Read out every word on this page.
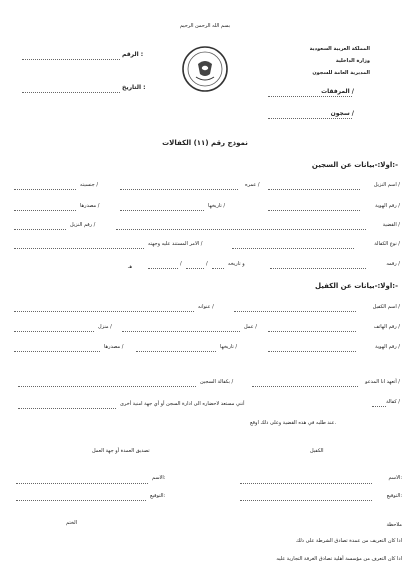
بسم الله الرحمن الرحيم
المملكة العربية السعودية
وزارة الداخلية
المديرية العامة للسجون
الرقم :
التاريخ :
المرفقات /
سجون /
نموذج رقم (١١) الكفالات
اولا:-بيانات عن السجين:-
اسم النزيل /
عمره /
جنسيته /
رقم الهوية /
تاريخها /
مصدرها /
القضية /
رقم النزيل /
نوع الكفالة /
الامر المستند عليه وجهته /
رقمه /
و تاريخه
/
/
هـ
اولا:-بيانات عن الكفيل:-
اسم الكفيل /
عنوانه /
رقم الهاتف /
عمل /
منزل /
رقم الهوية /
تاريخها /
مصدرها /
أتعهد انا المدعو /
بكفالة السجين /
كفالة /
أنني مستعد لاحضاره الى ادارة السجن أو أي جهة امنية أخرى
عند طلبه في هذه القضية وعلى ذلك اوقع.
الكفيل
تصديق العمدة أو جهة العمل
الاسم:
الاسم:
التوقيع:
التوقيع:
الختم	ملاحظة
اذا كان التعريف من عمدة تصادق الشرطة على ذلك
اذا كان التعرف من مؤسسة أهلية تصادق الغرفة التجارية عليه
